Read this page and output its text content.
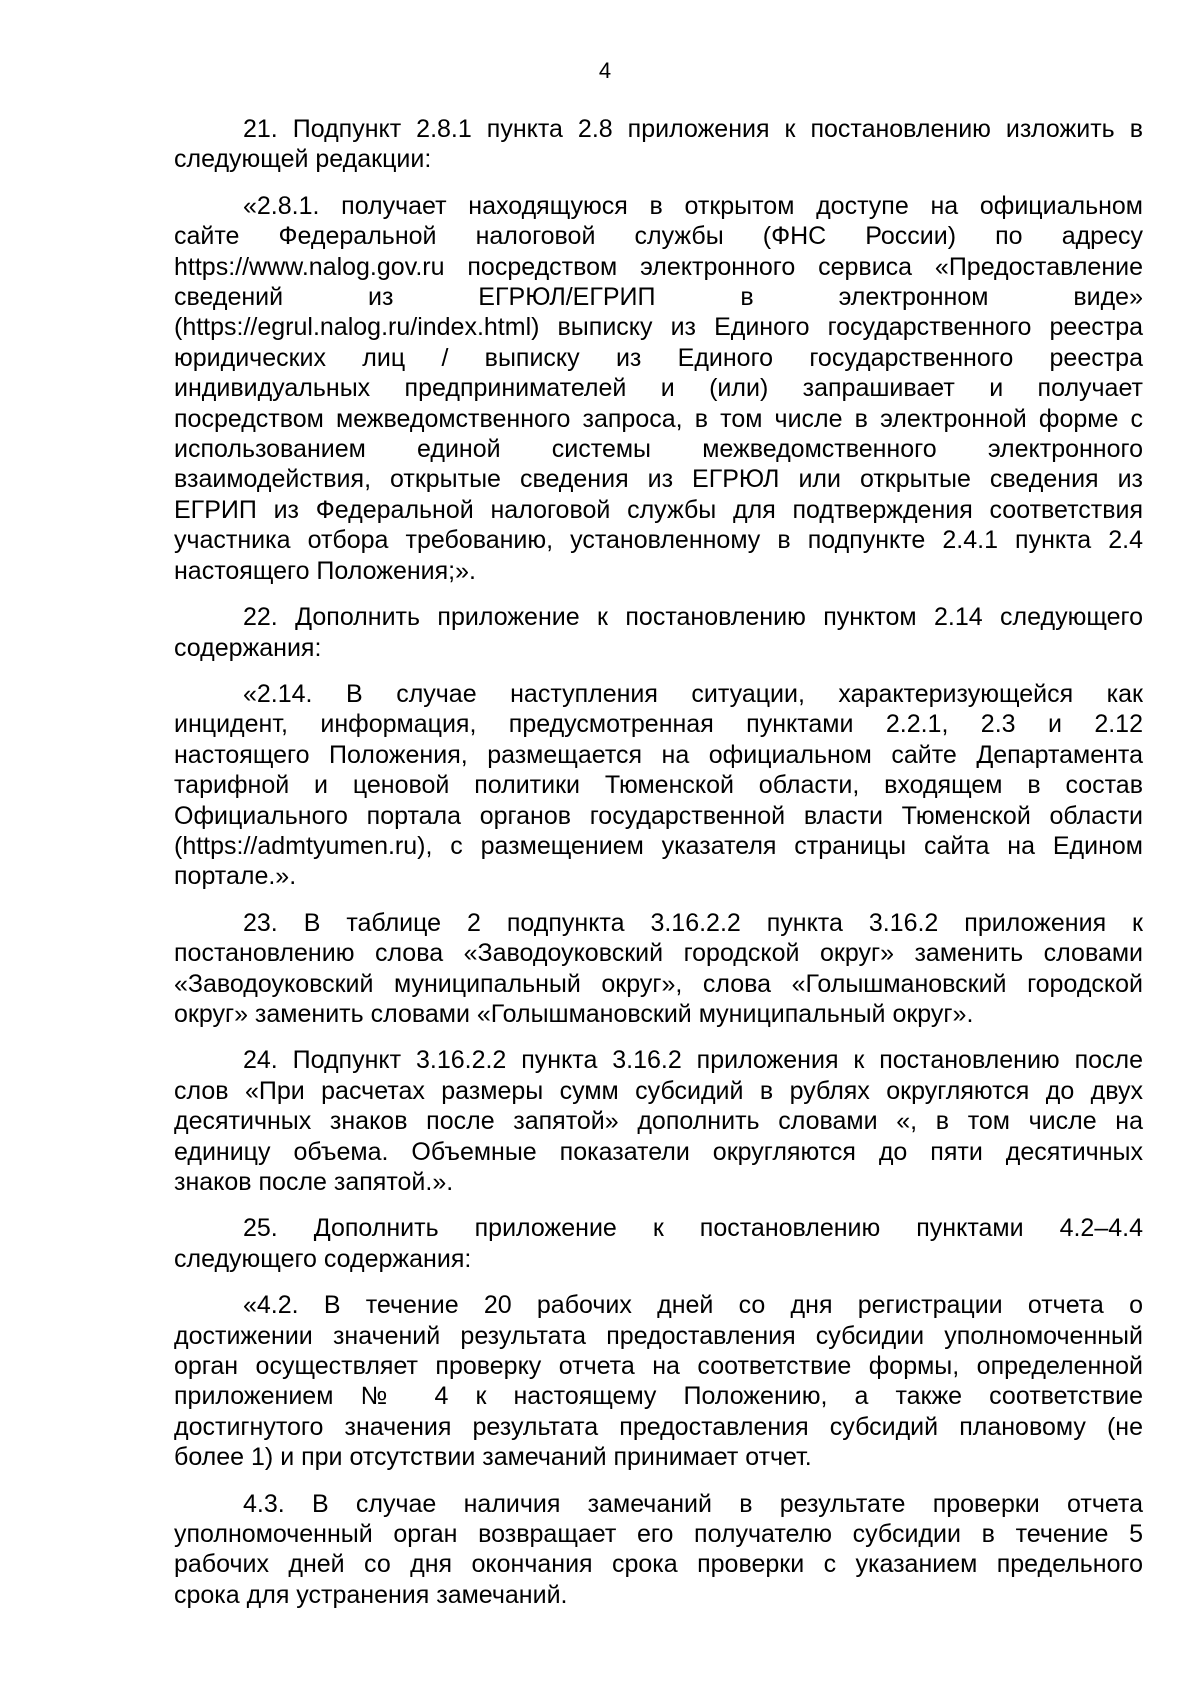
4
21. Подпункт 2.8.1 пункта 2.8 приложения к постановлению изложить в
следующей редакции:
«2.8.1. получает находящуюся в открытом доступе на официальном
сайте Федеральной налоговой службы (ФНС России) по адресу
https://www.nalog.gov.ru посредством электронного сервиса «Предоставление
сведений из ЕГРЮЛ/ЕГРИП в электронном виде»
(https://egrul.nalog.ru/index.html) выписку из Единого государственного реестра
юридических лиц / выписку из Единого государственного реестра
индивидуальных предпринимателей и (или) запрашивает и получает
посредством межведомственного запроса, в том числе в электронной форме с
использованием единой системы межведомственного электронного
взаимодействия, открытые сведения из ЕГРЮЛ или открытые сведения из
ЕГРИП из Федеральной налоговой службы для подтверждения соответствия
участника отбора требованию, установленному в подпункте 2.4.1 пункта 2.4
настоящего Положения;».
22. Дополнить приложение к постановлению пунктом 2.14 следующего
содержания:
«2.14. В случае наступления ситуации, характеризующейся как
инцидент, информация, предусмотренная пунктами 2.2.1, 2.3 и 2.12
настоящего Положения, размещается на официальном сайте Департамента
тарифной и ценовой политики Тюменской области, входящем в состав
Официального портала органов государственной власти Тюменской области
(https://admtyumen.ru), с размещением указателя страницы сайта на Едином
портале.».
23. В таблице 2 подпункта 3.16.2.2 пункта 3.16.2 приложения к
постановлению слова «Заводоуковский городской округ» заменить словами
«Заводоуковский муниципальный округ», слова «Голышмановский городской
округ» заменить словами «Голышмановский муниципальный округ».
24. Подпункт 3.16.2.2 пункта 3.16.2 приложения к постановлению после
слов «При расчетах размеры сумм субсидий в рублях округляются до двух
десятичных знаков после запятой» дополнить словами «, в том числе на
единицу объема. Объемные показатели округляются до пяти десятичных
знаков после запятой.».
25. Дополнить приложение к постановлению пунктами 4.2–4.4
следующего содержания:
«4.2. В течение 20 рабочих дней со дня регистрации отчета о
достижении значений результата предоставления субсидии уполномоченный
орган осуществляет проверку отчета на соответствие формы, определенной
приложением № 4 к настоящему Положению, а также соответствие
достигнутого значения результата предоставления субсидий плановому (не
более 1) и при отсутствии замечаний принимает отчет.
4.3. В случае наличия замечаний в результате проверки отчета
уполномоченный орган возвращает его получателю субсидии в течение 5
рабочих дней со дня окончания срока проверки с указанием предельного
срока для устранения замечаний.
